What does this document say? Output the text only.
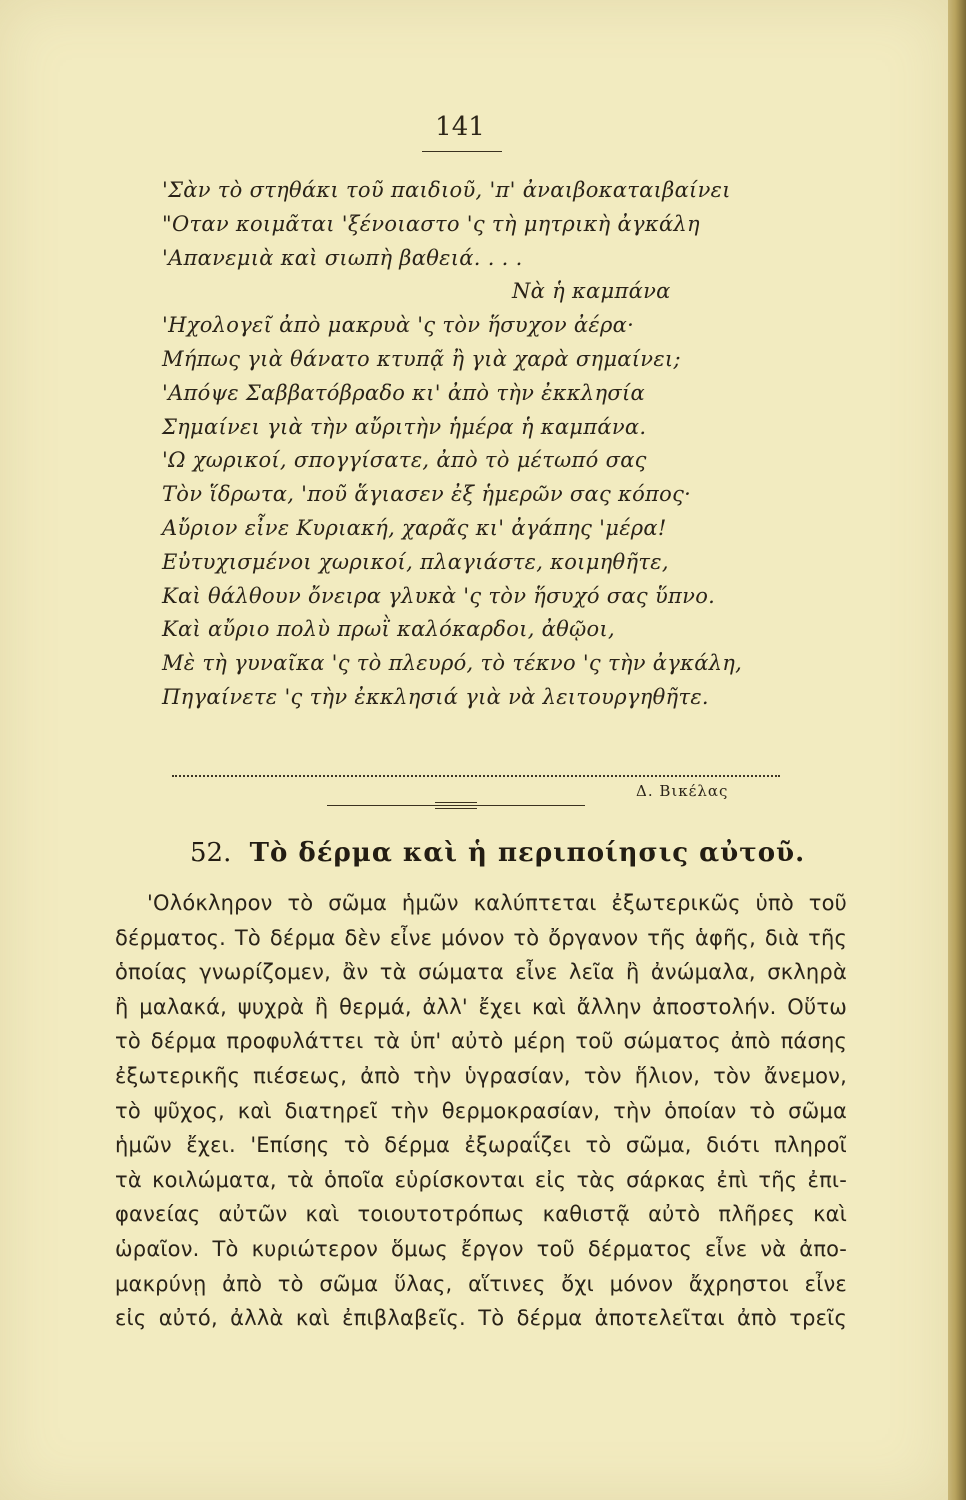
141
'Σὰν τὸ στηθάκι τοῦ παιδιοῦ, 'π' ἀναιβοκαταιβαίνει
"Οταν κοιμᾶται 'ξένοιαστο 'ς τὴ μητρικὴ ἀγκάλη
'Απανεμιὰ καὶ σιωπὴ βαθειά. . . .
Νὰ ἡ καμπάνα
'Ηχολογεῖ ἀπὸ μακρυὰ 'ς τὸν ἥσυχον ἀέρα·
Μήπως γιὰ θάνατο κτυπᾷ ἢ γιὰ χαρὰ σημαίνει;
'Απόψε Σαββατόβραδο κι' ἀπὸ τὴν ἐκκλησία
Σημαίνει γιὰ τὴν αὔριτὴν ἡμέρα ἡ καμπάνα.
'Ω χωρικοί, σπογγίσατε, ἀπὸ τὸ μέτωπό σας
Τὸν ἵδρωτα, 'ποῦ ἅγιασεν ἐξ ἡμερῶν σας κόπος·
Αὔριον εἶνε Κυριακή, χαρᾶς κι' ἀγάπης 'μέρα!
Εὐτυχισμένοι χωρικοί, πλαγιάστε, κοιμηθῆτε,
Καὶ θάλθουν ὄνειρα γλυκὰ 'ς τὸν ἥσυχό σας ὕπνο.
Καὶ αὔριο πολὺ πρωῒ καλόκαρδοι, ἀθῷοι,
Μὲ τὴ γυναῖκα 'ς τὸ πλευρό, τὸ τέκνο 'ς τὴν ἀγκάλη,
Πηγαίνετε 'ς τὴν ἐκκλησιά γιὰ νὰ λειτουργηθῆτε.
Δ. Βικέλας
52. Τὸ δέρμα καὶ ἡ περιποίησις αὐτοῦ.
'Ολόκληρον τὸ σῶμα ἡμῶν καλύπτεται ἐξωτερικῶς ὑπὸ τοῦ
δέρματος. Τὸ δέρμα δὲν εἶνε μόνον τὸ ὄργανον τῆς ἁφῆς, διὰ τῆς
ὁποίας γνωρίζομεν, ἂν τὰ σώματα εἶνε λεῖα ἢ ἀνώμαλα, σκληρὰ
ἢ μαλακά, ψυχρὰ ἢ θερμά, ἀλλ' ἔχει καὶ ἄλλην ἀποστολήν. Οὕτω
τὸ δέρμα προφυλάττει τὰ ὑπ' αὐτὸ μέρη τοῦ σώματος ἀπὸ πάσης
ἐξωτερικῆς πιέσεως, ἀπὸ τὴν ὑγρασίαν, τὸν ἥλιον, τὸν ἄνεμον,
τὸ ψῦχος, καὶ διατηρεῖ τὴν θερμοκρασίαν, τὴν ὁποίαν τὸ σῶμα
ἡμῶν ἔχει. 'Επίσης τὸ δέρμα ἐξωραΐζει τὸ σῶμα, διότι πληροῖ
τὰ κοιλώματα, τὰ ὁποῖα εὑρίσκονται εἰς τὰς σάρκας ἐπὶ τῆς ἐπι-
φανείας αὐτῶν καὶ τοιουτοτρόπως καθιστᾷ αὐτὸ πλῆρες καὶ
ὡραῖον. Τὸ κυριώτερον ὅμως ἔργον τοῦ δέρματος εἶνε νὰ ἀπο-
μακρύνῃ ἀπὸ τὸ σῶμα ὕλας, αἵτινες ὄχι μόνον ἄχρηστοι εἶνε
εἰς αὐτό, ἀλλὰ καὶ ἐπιβλαβεῖς. Τὸ δέρμα ἀποτελεῖται ἀπὸ τρεῖς
